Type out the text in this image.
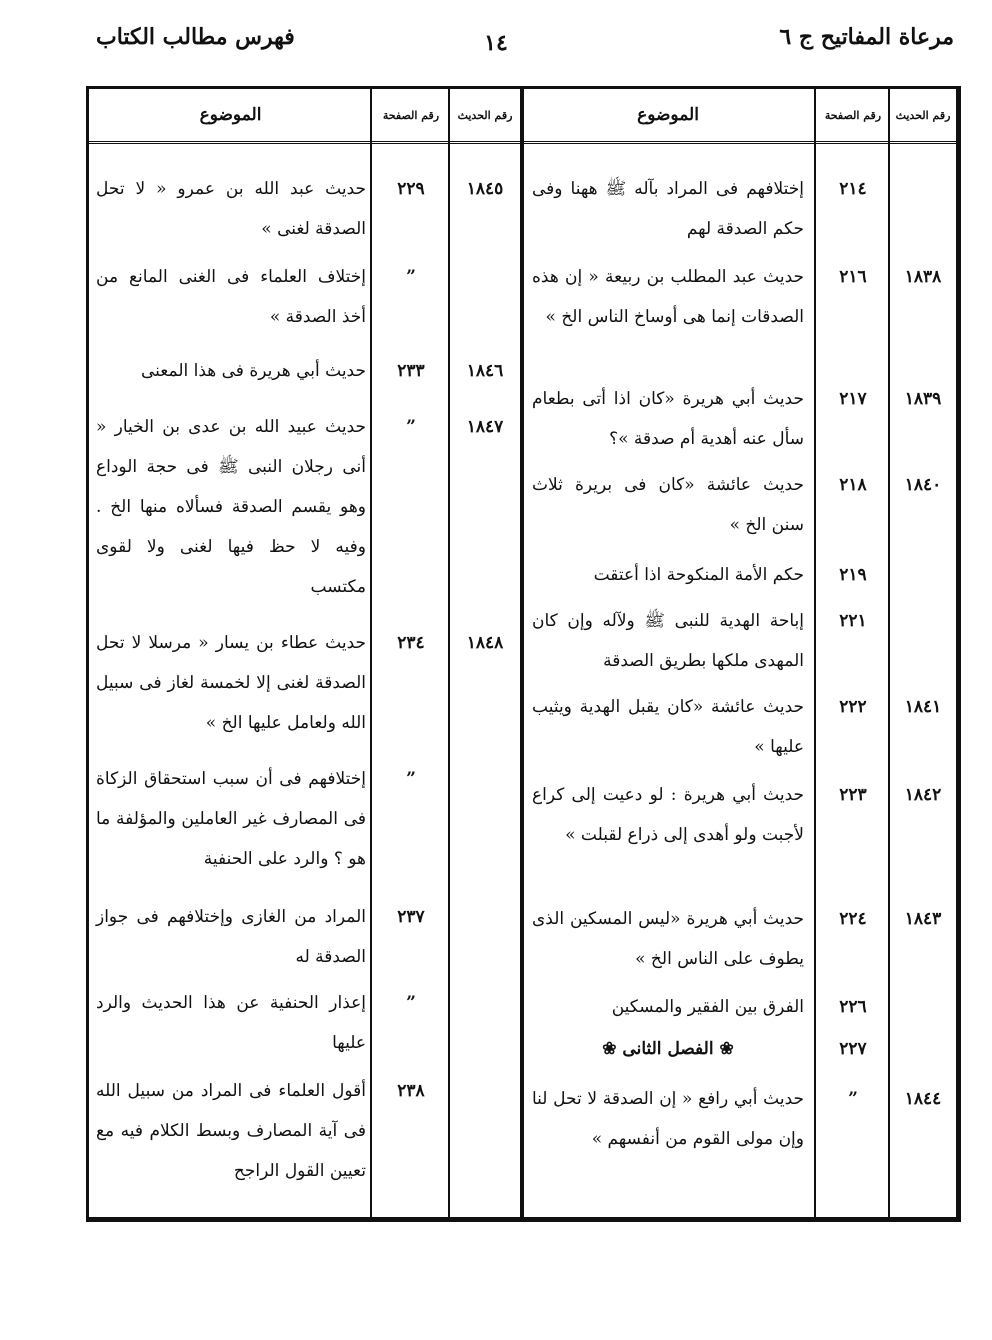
مرعاة المفاتيح ج ٦
١٤
فهرس مطالب الكتاب
رقم الحديث
رقم الصفحة
الموضوع
٢١٤
إختلافهم فى المراد بآله ﷺ ههنا وفى حكم الصدقة لهم
١٨٣٨
٢١٦
حديث عبد المطلب بن ربيعة « إن هذه الصدقات إنما هى أوساخ الناس الخ »
١٨٣٩
٢١٧
حديث أبي هريرة «كان اذا أتى بطعام سأل عنه أهدية أم صدقة »؟
١٨٤٠
٢١٨
حديث عائشة «كان فى بريرة ثلاث سنن الخ »
٢١٩
حكم الأمة المنكوحة اذا أعتقت
٢٢١
إباحة الهدية للنبى ﷺ ولآله وإن كان المهدى ملكها بطريق الصدقة
١٨٤١
٢٢٢
حديث عائشة «كان يقبل الهدية ويثيب عليها »
١٨٤٢
٢٢٣
حديث أبي هريرة : لو دعيت إلى كراع لأجبت ولو أهدى إلى ذراع لقبلت »
١٨٤٣
٢٢٤
حديث أبي هريرة «ليس المسكين الذى يطوف على الناس الخ »
٢٢٦
الفرق بين الفقير والمسكين
٢٢٧
❀ الفصل الثانى ❀
١٨٤٤
”
حديث أبي رافع « إن الصدقة لا تحل لنا وإن مولى القوم من أنفسهم »
رقم الحديث
رقم الصفحة
الموضوع
١٨٤٥
٢٢٩
حديث عبد الله بن عمرو « لا تحل الصدقة لغنى »
”
إختلاف العلماء فى الغنى المانع من أخذ الصدقة »
١٨٤٦
٢٣٣
حديث أبي هريرة فى هذا المعنى
١٨٤٧
”
حديث عبيد الله بن عدى بن الخيار « أنى رجلان النبى ﷺ فى حجة الوداع وهو يقسم الصدقة فسألاه منها الخ . وفيه لا حظ فيها لغنى ولا لقوى مكتسب
١٨٤٨
٢٣٤
حديث عطاء بن يسار « مرسلا لا تحل الصدقة لغنى إلا لخمسة لغاز فى سبيل الله ولعامل عليها الخ »
”
إختلافهم فى أن سبب استحقاق الزكاة فى المصارف غير العاملين والمؤلفة ما هو ؟ والرد على الحنفية
٢٣٧
المراد من الغازى وإختلافهم فى جواز الصدقة له
”
إعذار الحنفية عن هذا الحديث والرد عليها
٢٣٨
أقول العلماء فى المراد من سبيل الله فى آية المصارف وبسط الكلام فيه مع تعيين القول الراجح
